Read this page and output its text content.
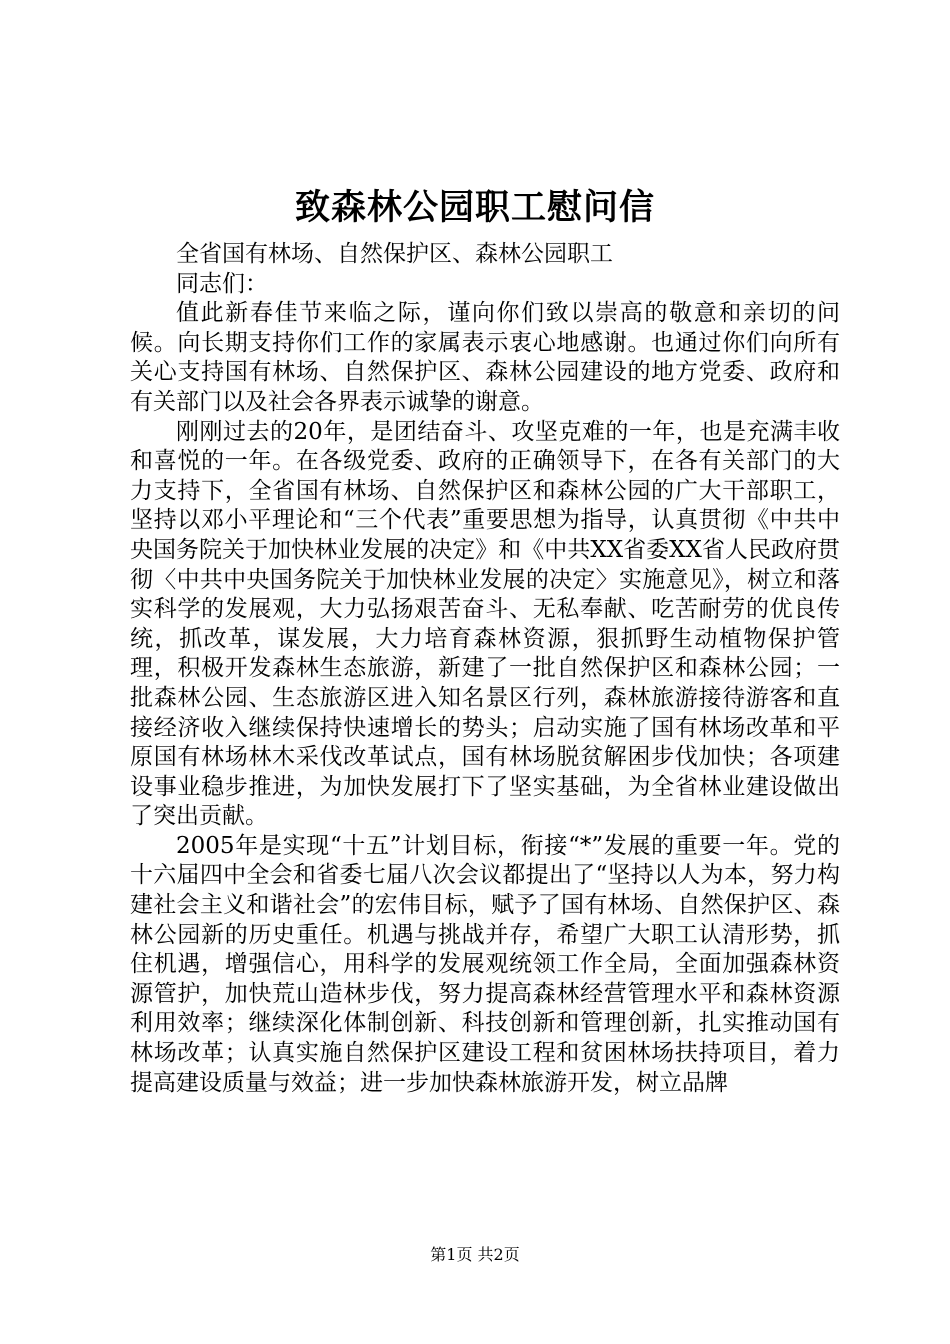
致森林公园职工慰问信

全省国有林场、自然保护区、森林公园职工

同志们：

值此新春佳节来临之际，谨向你们致以崇高的敬意和亲切的问候。向长期支持你们工作的家属表示衷心地感谢。也通过你们向所有关心支持国有林场、自然保护区、森林公园建设的地方党委、政府和有关部门以及社会各界表示诚挚的谢意。

刚刚过去的20年，是团结奋斗、攻坚克难的一年，也是充满丰收和喜悦的一年。在各级党委、政府的正确领导下，在各有关部门的大力支持下，全省国有林场、自然保护区和森林公园的广大干部职工，坚持以邓小平理论和“三个代表”重要思想为指导，认真贯彻《中共中央国务院关于加快林业发展的决定》和《中共XX省委XX省人民政府贯彻〈中共中央国务院关于加快林业发展的决定〉实施意见》，树立和落实科学的发展观，大力弘扬艰苦奋斗、无私奉献、吃苦耐劳的优良传统，抓改革，谋发展，大力培育森林资源，狠抓野生动植物保护管理，积极开发森林生态旅游，新建了一批自然保护区和森林公园；一批森林公园、生态旅游区进入知名景区行列，森林旅游接待游客和直接经济收入继续保持快速增长的势头；启动实施了国有林场改革和平原国有林场林木采伐改革试点，国有林场脱贫解困步伐加快；各项建设事业稳步推进，为加快发展打下了坚实基础，为全省林业建设做出了突出贡献。

2005年是实现“十五”计划目标，衔接“*”发展的重要一年。党的十六届四中全会和省委七届八次会议都提出了“坚持以人为本，努力构建社会主义和谐社会”的宏伟目标，赋予了国有林场、自然保护区、森林公园新的历史重任。机遇与挑战并存，希望广大职工认清形势，抓住机遇，增强信心，用科学的发展观统领工作全局，全面加强森林资源管护，加快荒山造林步伐，努力提高森林经营管理水平和森林资源利用效率；继续深化体制创新、科技创新和管理创新，扎实推动国有林场改革；认真实施自然保护区建设工程和贫困林场扶持项目，着力提高建设质量与效益；进一步加快森林旅游开发，树立品牌

第1页 共2页
